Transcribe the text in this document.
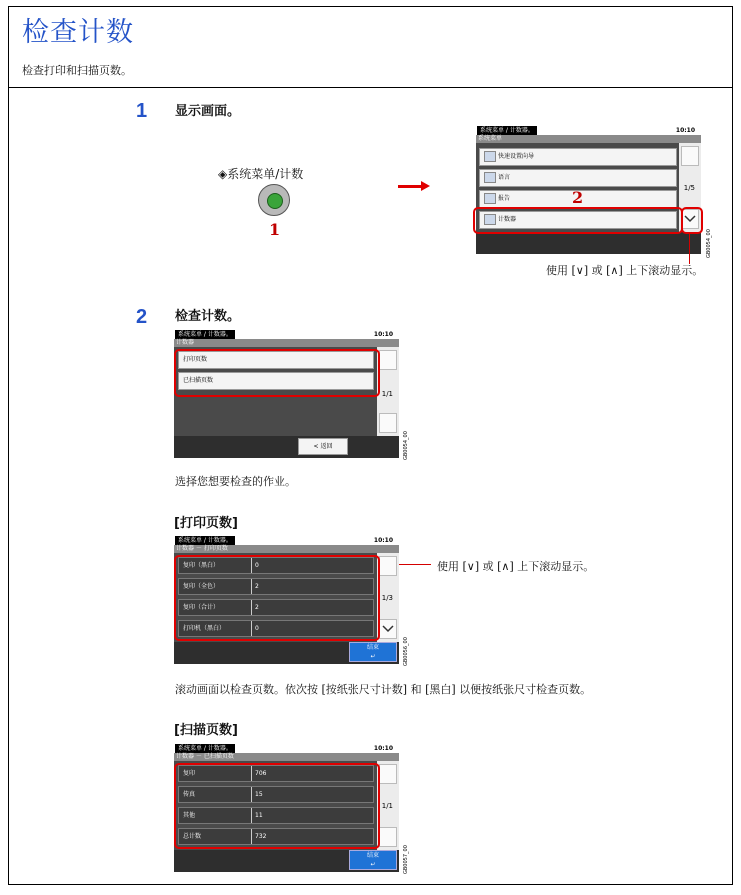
检查计数
检查打印和扫描页数。
1 显示画面。
◈系统菜单/计数
1
系统菜单 / 计数器。	10:10
系统菜单
快速设置向导
语言
报告
计数器
1/5
2
GB0054_00
使用 [∨] 或 [∧] 上下滚动显示。
2 检查计数。
系统菜单 / 计数器。	10:10
计数器
打印页数
已扫描页数
1/1
< 返回	GB0054_00
选择您想要检查的作业。
[打印页数]
系统菜单 / 计数器。	10:10
计数器 － 打印页数
复印（黑白）	0
复印（全色）	2
复印（合计）	2
打印机（黑白）	0
1/3
结束
↵	GB0056_00
使用 [∨] 或 [∧] 上下滚动显示。
滚动画面以检查页数。依次按 [按纸张尺寸计数] 和 [黑白] 以便按纸张尺寸检查页数。
[扫描页数]
系统菜单 / 计数器。	10:10
计数器 － 已扫描页数
复印	706
传真	15
其他	11
总计数	732
1/1
结束
↵	GB0057_00
